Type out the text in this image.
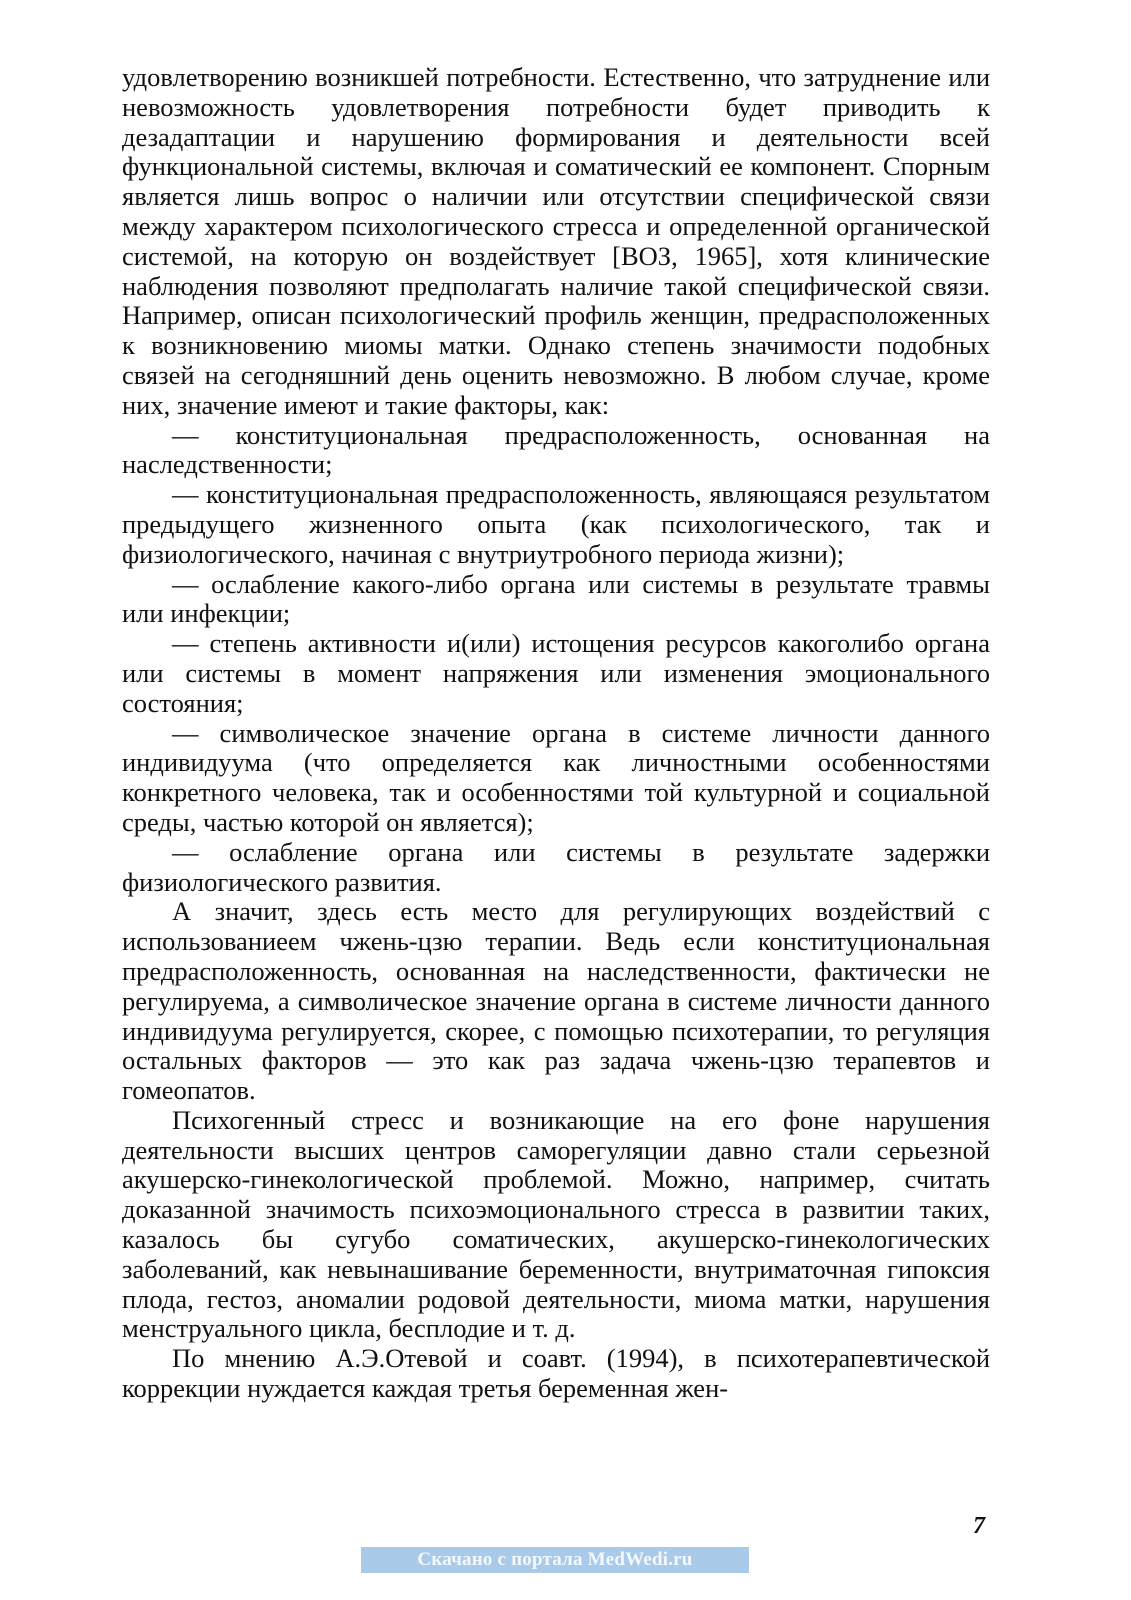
удовлетворению возникшей потребности. Естественно, что затруднение или невозможность удовлетворения потребности будет приводить к дезадаптации и нарушению формирования и деятельности всей функциональной системы, включая и соматический ее компонент. Спорным является лишь вопрос о наличии или отсутствии специфической связи между характером психологического стресса и определенной органической системой, на которую он воздействует [ВОЗ, 1965], хотя клинические наблюдения позволяют предполагать наличие такой специфической связи. Например, описан психологический профиль женщин, предрасположенных к возникновению миомы матки. Однако степень значимости подобных связей на сегодняшний день оценить невозможно. В любом случае, кроме них, значение имеют и такие факторы, как:

— конституциональная предрасположенность, основанная на наследственности;

— конституциональная предрасположенность, являющаяся результатом предыдущего жизненного опыта (как психологического, так и физиологического, начиная с внутриутробного периода жизни);

— ослабление какого-либо органа или системы в результате травмы или инфекции;

— степень активности и(или) истощения ресурсов какоголибо органа или системы в момент напряжения или изменения эмоционального состояния;

— символическое значение органа в системе личности данного индивидуума (что определяется как личностными особенностями конкретного человека, так и особенностями той культурной и социальной среды, частью которой он является);

— ослабление органа или системы в результате задержки физиологического развития.

А значит, здесь есть место для регулирующих воздействий с использованиеем чжень-цзю терапии. Ведь если конституциональная предрасположенность, основанная на наследственности, фактически не регулируема, а символическое значение органа в системе личности данного индивидуума регулируется, скорее, с помощью психотерапии, то регуляция остальных факторов — это как раз задача чжень-цзю терапевтов и гомеопатов.

Психогенный стресс и возникающие на его фоне нарушения деятельности высших центров саморегуляции давно стали серьезной акушерско-гинекологической проблемой. Можно, например, считать доказанной значимость психоэмоционального стресса в развитии таких, казалось бы сугубо соматических, акушерско-гинекологических заболеваний, как невынашивание беременности, внутриматочная гипоксия плода, гестоз, аномалии родовой деятельности, миома матки, нарушения менструального цикла, бесплодие и т. д.

По мнению А.Э.Отевой и соавт. (1994), в психотерапевтической коррекции нуждается каждая третья беременная жен-

7
Скачано с портала MedWedi.ru
